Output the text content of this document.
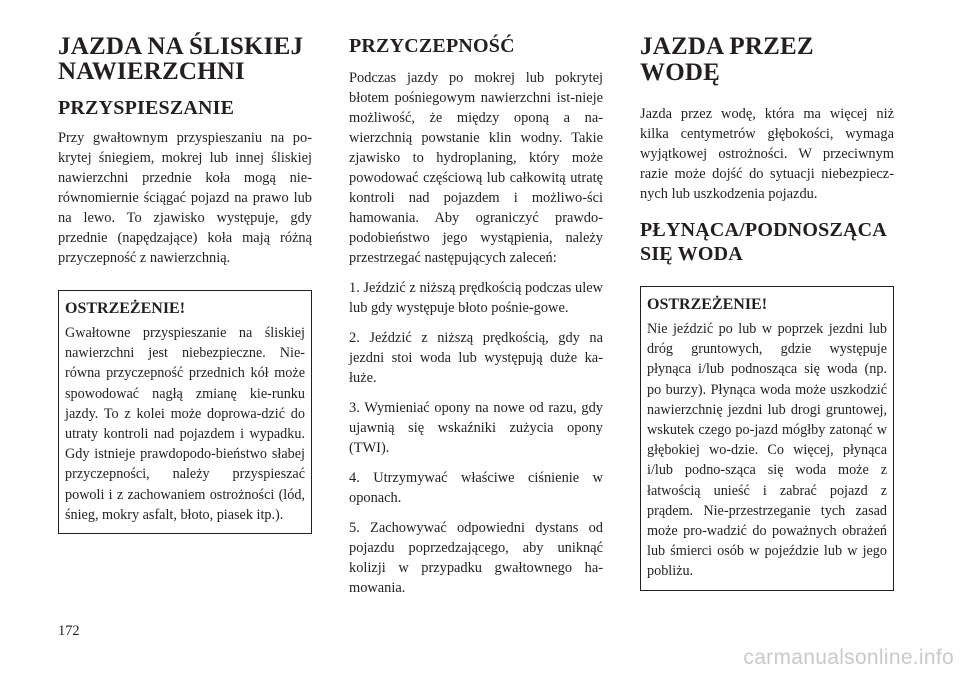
JAZDA NA ŚLISKIEJ
NAWIERZCHNI
PRZYSPIESZANIE

Przy gwałtownym przyspieszaniu na po-krytej śniegiem, mokrej lub innej śliskiej nawierzchni przednie koła mogą nie-równomiernie ściągać pojazd na prawo lub na lewo. To zjawisko występuje, gdy przednie (napędzające) koła mają różną przyczepność z nawierzchnią.

OSTRZEŻENIE!

Gwałtowne przyspieszanie na śliskiej nawierzchni jest niebezpieczne. Nie-równa przyczepność przednich kół może spowodować nagłą zmianę kie-runku jazdy. To z kolei może doprowa-dzić do utraty kontroli nad pojazdem i wypadku. Gdy istnieje prawdopodo-bieństwo słabej przyczepności, należy przyspieszać powoli i z zachowaniem ostrożności (lód, śnieg, mokry asfalt, błoto, piasek itp.).

PRZYCZEPNOŚĆ

Podczas jazdy po mokrej lub pokrytej błotem pośniegowym nawierzchni ist-nieje możliwość, że między oponą a na-wierzchnią powstanie klin wodny. Takie zjawisko to hydroplaning, który może powodować częściową lub całkowitą utratę kontroli nad pojazdem i możliwo-ści hamowania. Aby ograniczyć prawdo-podobieństwo jego wystąpienia, należy przestrzegać następujących zaleceń:

1. Jeździć z niższą prędkością podczas ulew lub gdy występuje błoto pośnie-gowe.

2. Jeździć z niższą prędkością, gdy na jezdni stoi woda lub występują duże ka-łuże.

3. Wymieniać opony na nowe od razu, gdy ujawnią się wskaźniki zużycia opony (TWI).

4. Utrzymywać właściwe ciśnienie w oponach.

5. Zachowywać odpowiedni dystans od pojazdu poprzedzającego, aby uniknąć kolizji w przypadku gwałtownego ha-mowania.

JAZDA PRZEZ WODĘ

Jazda przez wodę, która ma więcej niż kilka centymetrów głębokości, wymaga wyjątkowej ostrożności. W przeciwnym razie może dojść do sytuacji niebezpiecz-nych lub uszkodzenia pojazdu.

PŁYNĄCA/PODNOSZĄCA
SIĘ WODA
OSTRZEŻENIE!

Nie jeździć po lub w poprzek jezdni lub dróg gruntowych, gdzie występuje płynąca i/lub podnosząca się woda (np. po burzy). Płynąca woda może uszkodzić nawierzchnię jezdni lub drogi gruntowej, wskutek czego po-jazd mógłby zatonąć w głębokiej wo-dzie. Co więcej, płynąca i/lub podno-sząca się woda może z łatwością unieść i zabrać pojazd z prądem. Nie-przestrzeganie tych zasad może pro-wadzić do poważnych obrażeń lub śmierci osób w pojeździe lub w jego pobliżu.

172
carmanualsonline.info
